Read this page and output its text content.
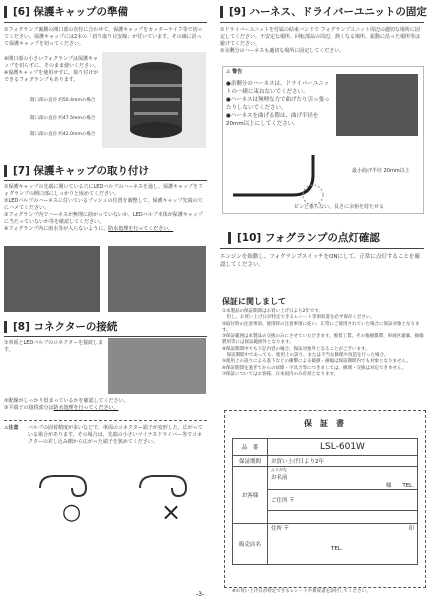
[6] 保護キャップの準備

①フォグランプ裏側の開口部の直径に合わせて、保護キャップをカッターナイフ等で切ってください。保護キャップには2本の「切り取り目安線」が付いています。その線に沿って保護キャップを切ってください。

※開口部の小さいフォグランプは保護キャップを切らずに、そのまま使いください。

※保護キャップを使用せずに、取り付けができるフォグランプもあります。

開口部の直径 約50.4mmの場合
開口部の直径 約47.5mmの場合
開口部の直径 約42.0mmの場合
[7] 保護キャップの取り付け

①保護キャップの先端に開いている穴にLEDバルブのハーネスを通し、保護キャップをフォグランプの開口部にしっかりと嵌めてください。

②LEDバルブのハーネスに付いているブッシュの位置を調整して、保護キャップ先端の穴にハメてください。

③フォグランプ内でハーネスが無理に曲がっていないか、LEDバルブ本体が保護キャップに当たっていないか等を確認してください。

④フォグランプ内に雨水等が入らないように、防水処理を行ってください。

[8] コネクターの接続

①車両とLEDバルブのコネクターを接続します。

②配線がしっかり留まっているかを確認してください。

③平端子の接続部分は防水処理を行ってください。

⚠注意 バルブの固着精度が多いなどで、車両のコネクター端子が変形した、広がっている場合があります。その場合は、先端の小さいマイナスドライバー等でコネクターの差し込み側から広がった端子を狭めてください。
○	×
[9] ハーネス、ドライバーユニットの固定

①ドライバーユニットを付属の結束バンドで フォグランプユニット周辺の適切な場所に固定してください。不安定な場所、回転部品の周辺、熱くなる場所、振動に沿った場所等は避けてください。

②余剰分のハーネスも適切な場所に固定してください。

⚠ 警告

●余剰分のハーネスは、ドライバーユニットの一緒に束ねないでください。

●ハーネスは無理な力で曲げたり引っ張ったりしないでください。

●ハーネスを曲げる際は、曲げ半径を20mm以上にしてください。

最小曲げ半径 20mm以上
ピンと張らない、長さに余裕を持たせる
[10] フォグランプの点灯確認
エンジンを始動し、フォグランプスイッチをONにして、正常に点灯することを確認してください。
保証に関しまして

①本製品の保証期間はお買い上げ日より2年です。

　但し、お買い上げ日が特定できるレシート等領収書を必ず保存ください。

②取付時の注意事項、使用時の注意事項に従い、正常にご使用されていた場合に保証対象となります。

③保証範囲は本製品の交換のみにさせていただきます。脱着工賃、その他補償費、車両区違価、損傷費用等には保証範囲外となります。

④保証期間中でも下記内容の場合、保証対象外となることがございます。

　保証期間中であっても、使用上の誤り、または不当な修理や改造を行った場合。

⑤使用上の誤りによる落下などの衝撃による破損・損傷は保証期間内でも対象となりません。

⑥保証期間を過ぎてからの故障・不具合等につきましては、修理・交換は対応できません。

⑦保証についてはお客様、日本国内のみ有効となります。

保　証　書
品　番	LSL-601W
保証期間	お買い上げ日より2年
お客様	ふりがな
お名前
様　　 TEL.　　　　

	ご住所 〒

販売店名	住所 〒 印
TEL.
※お買い上げ日が特定できるレシートや領収書を添付してください。
-3-
